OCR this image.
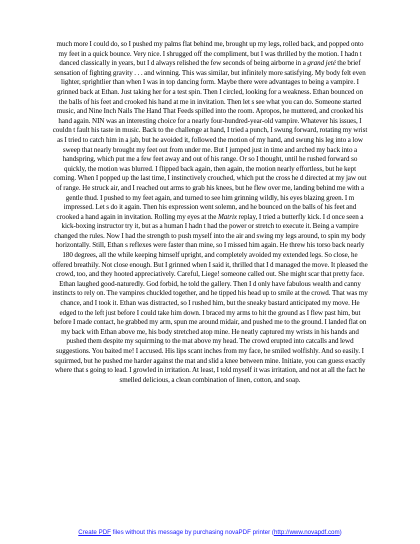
much more I could do, so I pushed my palms flat behind me, brought up my legs, rolled back, and popped onto my feet in a quick bounce. Very nice. I shrugged off the compliment, but I was thrilled by the motion. I hadn t danced classically in years, but I d always relished the few seconds of being airborne in a grand jeté the brief sensation of fighting gravity . . . and winning. This was similar, but infinitely more satisfying. My body felt even lighter, sprightlier than when I was in top dancing form. Maybe there were advantages to being a vampire. I grinned back at Ethan. Just taking her for a test spin. Then I circled, looking for a weakness. Ethan bounced on the balls of his feet and crooked his hand at me in invitation. Then let s see what you can do. Someone started music, and Nine Inch Nails The Hand That Feeds spilled into the room. Apropos, he muttered, and crooked his hand again. NIN was an interesting choice for a nearly four-hundred-year-old vampire. Whatever his issues, I couldn t fault his taste in music. Back to the challenge at hand, I tried a punch, I swung forward, rotating my wrist as I tried to catch him in a jab, but he avoided it, followed the motion of my hand, and swung his leg into a low sweep that nearly brought my feet out from under me. But I jumped just in time and arched my back into a handspring, which put me a few feet away and out of his range. Or so I thought, until he rushed forward so quickly, the motion was blurred. I flipped back again, then again, the motion nearly effortless, but he kept coming. When I popped up the last time, I instinctively crouched, which put the cross he d directed at my jaw out of range. He struck air, and I reached out arms to grab his knees, but he flew over me, landing behind me with a gentle thud. I pushed to my feet again, and turned to see him grinning wildly, his eyes blazing green. I m impressed. Let s do it again. Then his expression went solemn, and he bounced on the balls of his feet and crooked a hand again in invitation. Rolling my eyes at the Matrix replay, I tried a butterfly kick. I d once seen a kick-boxing instructor try it, but as a human I hadn t had the power or stretch to execute it. Being a vampire changed the rules. Now I had the strength to push myself into the air and swing my legs around, to spin my body horizontally. Still, Ethan s reflexes were faster than mine, so I missed him again. He threw his torso back nearly 180 degrees, all the while keeping himself upright, and completely avoided my extended legs. So close, he offered breathily. Not close enough. But I grinned when I said it, thrilled that I d managed the move. It pleased the crowd, too, and they hooted appreciatively. Careful, Liege! someone called out. She might scar that pretty face. Ethan laughed good-naturedly. God forbid, he told the gallery. Then I d only have fabulous wealth and canny instincts to rely on. The vampires chuckled together, and he tipped his head up to smile at the crowd. That was my chance, and I took it. Ethan was distracted, so I rushed him, but the sneaky bastard anticipated my move. He edged to the left just before I could take him down. I braced my arms to hit the ground as I flew past him, but before I made contact, he grabbed my arm, spun me around midair, and pushed me to the ground. I landed flat on my back with Ethan above me, his body stretched atop mine. He neatly captured my wrists in his hands and pushed them despite my squirming to the mat above my head. The crowd erupted into catcalls and lewd suggestions. You baited me! I accused. His lips scant inches from my face, he smiled wolfishly. And so easily. I squirmed, but he pushed me harder against the mat and slid a knee between mine. Initiate, you can guess exactly where that s going to lead. I growled in irritation. At least, I told myself it was irritation, and not at all the fact he smelled delicious, a clean combination of linen, cotton, and soap.

Create PDF files without this message by purchasing novaPDF printer (http://www.novapdf.com)
